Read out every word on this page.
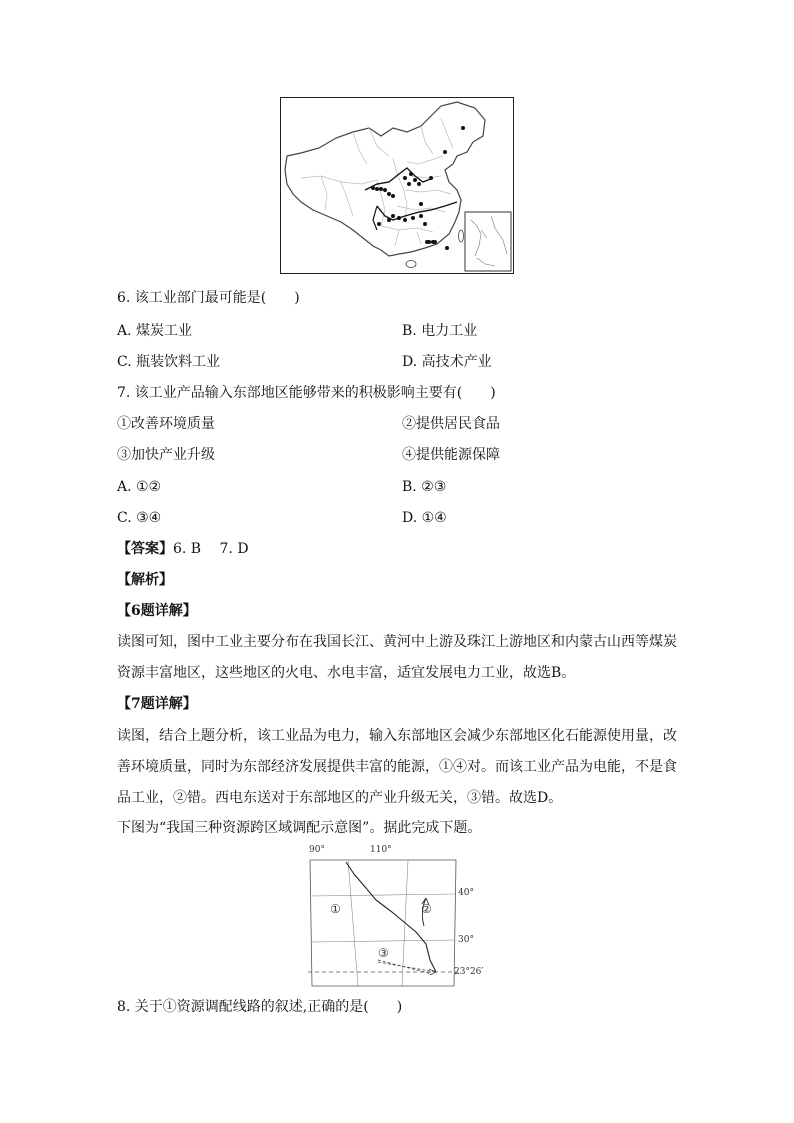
6. 该工业部门最可能是(　　)
A. 煤炭工业	B. 电力工业
C. 瓶装饮料工业	D. 高技术产业
7. 该工业产品输入东部地区能够带来的积极影响主要有(　　)
①改善环境质量	②提供居民食品
③加快产业升级	④提供能源保障
A. ①②	B. ②③
C. ③④	D. ①④
【答案】6. B　 7. D
【解析】
【6题详解】
读图可知，图中工业主要分布在我国长江、黄河中上游及珠江上游地区和内蒙古山西等煤炭资源丰富地区，这些地区的火电、水电丰富，适宜发展电力工业，故选B。
【7题详解】
读图，结合上题分析，该工业品为电力，输入东部地区会减少东部地区化石能源使用量，改善环境质量，同时为东部经济发展提供丰富的能源，①④对。而该工业产品为电能，不是食品工业，②错。西电东送对于东部地区的产业升级无关，③错。故选D。
下图为“我国三种资源跨区域调配示意图”。据此完成下题。
90°	110°
40°
30°
23°26′
①	②
③
8. 关于①资源调配线路的叙述,正确的是(　　)
